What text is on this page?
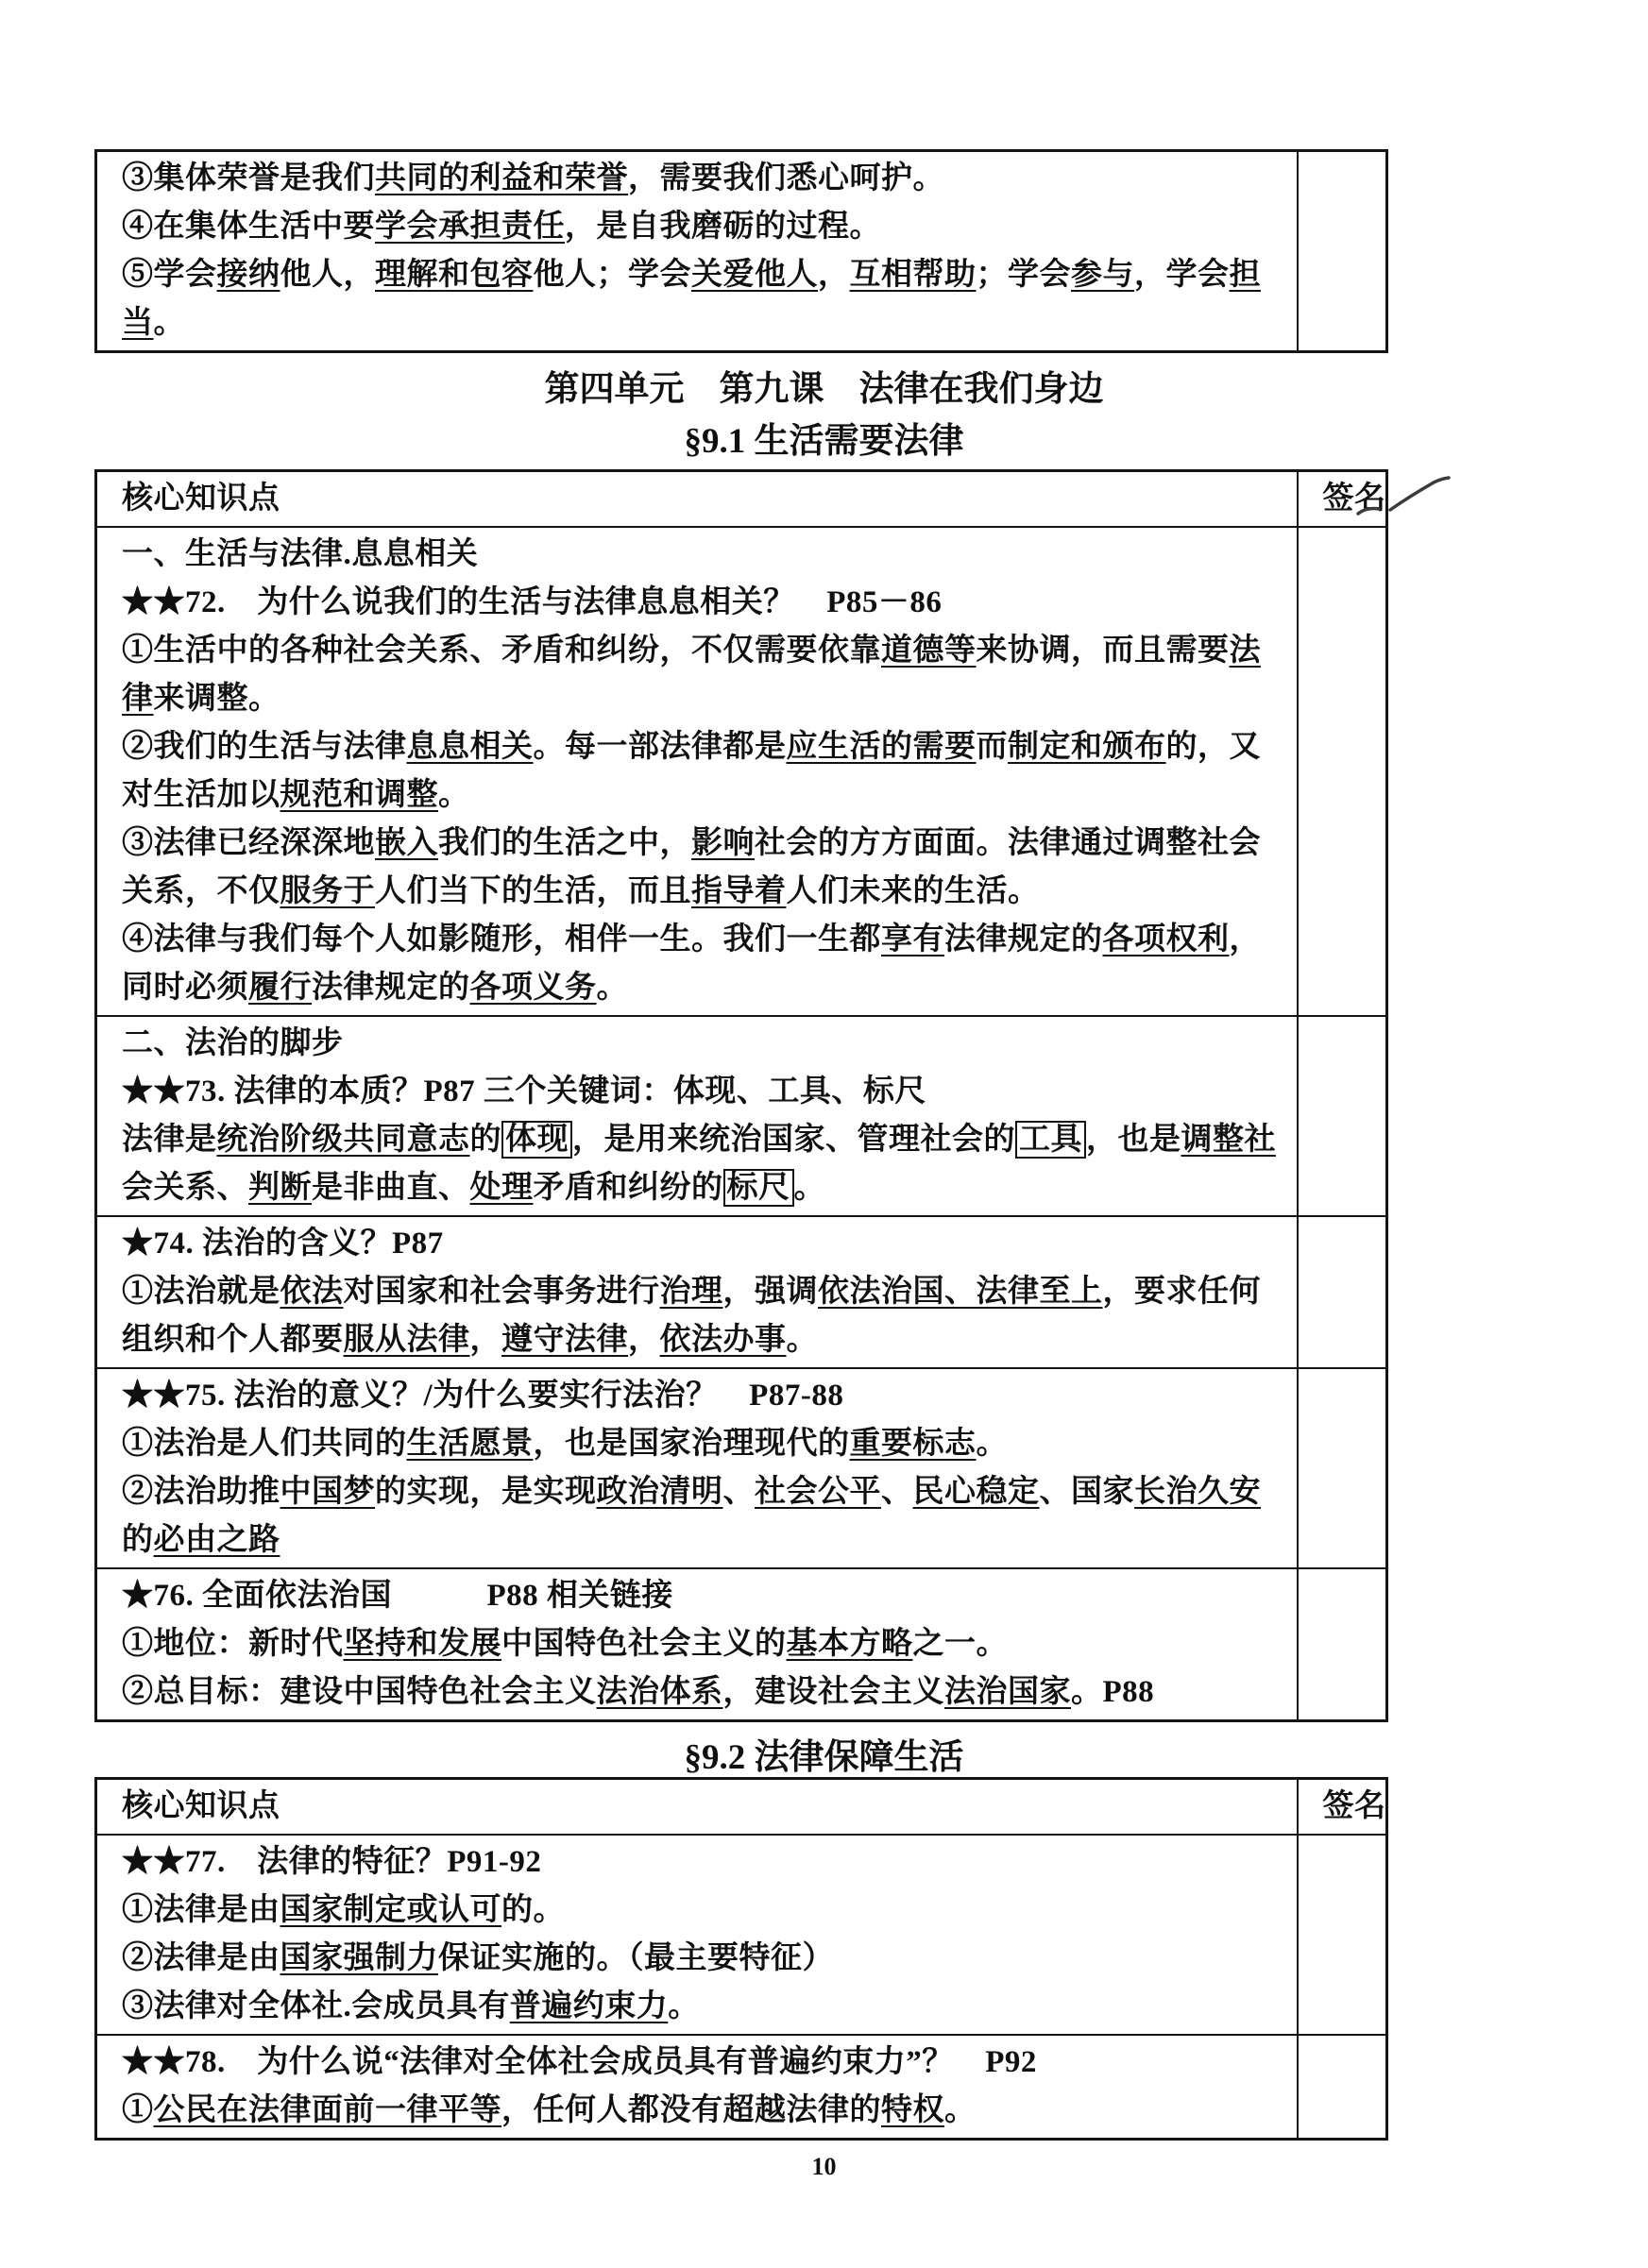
③集体荣誉是我们共同的利益和荣誉，需要我们悉心呵护。
④在集体生活中要学会承担责任，是自我磨砺的过程。
⑤学会接纳他人，理解和包容他人；学会关爱他人，互相帮助；学会参与，学会担
当。

第四单元　第九课　法律在我们身边
§9.1 生活需要法律
核心知识点	签名

一、生活与法律.息息相关
★★72.　为什么说我们的生活与法律息息相关？　P85－86
①生活中的各种社会关系、矛盾和纠纷，不仅需要依靠道德等来协调，而且需要法
律来调整。
②我们的生活与法律息息相关。每一部法律都是应生活的需要而制定和颁布的，又
对生活加以规范和调整。
③法律已经深深地嵌入我们的生活之中，影响社会的方方面面。法律通过调整社会
关系，不仅服务于人们当下的生活，而且指导着人们未来的生活。
④法律与我们每个人如影随形，相伴一生。我们一生都享有法律规定的各项权利，
同时必须履行法律规定的各项义务。

二、法治的脚步
★★73. 法律的本质？P87 三个关键词：体现、工具、标尺
法律是统治阶级共同意志的 体现 ，是用来统治国家、管理社会的 工具 ，也是调整社
会关系、判断是非曲直、处理矛盾和纠纷的 标尺 。	

★74. 法治的含义？P87
①法治就是依法对国家和社会事务进行治理，强调依法治国、法律至上，要求任何
组织和个人都要服从法律，遵守法律，依法办事。	

★★75. 法治的意义？/为什么要实行法治？　P87-88
①法治是人们共同的生活愿景，也是国家治理现代的重要标志。
②法治助推中国梦的实现，是实现政治清明、社会公平、民心稳定、国家长治久安
的必由之路	

★76. 全面依法治国　　　P88 相关链接
①地位：新时代坚持和发展中国特色社会主义的基本方略之一。
②总目标：建设中国特色社会主义法治体系，建设社会主义法治国家。P88	

§9.2 法律保障生活
核心知识点	签名

★★77.　法律的特征？P91-92
①法律是由国家制定或认可的。
②法律是由国家强制力保证实施的。（最主要特征）
③法律对全体社.会成员具有普遍约束力。	

★★78.　为什么说“法律对全体社会成员具有普遍约束力”？　P92
①公民在法律面前一律平等，任何人都没有超越法律的特权。	

10
